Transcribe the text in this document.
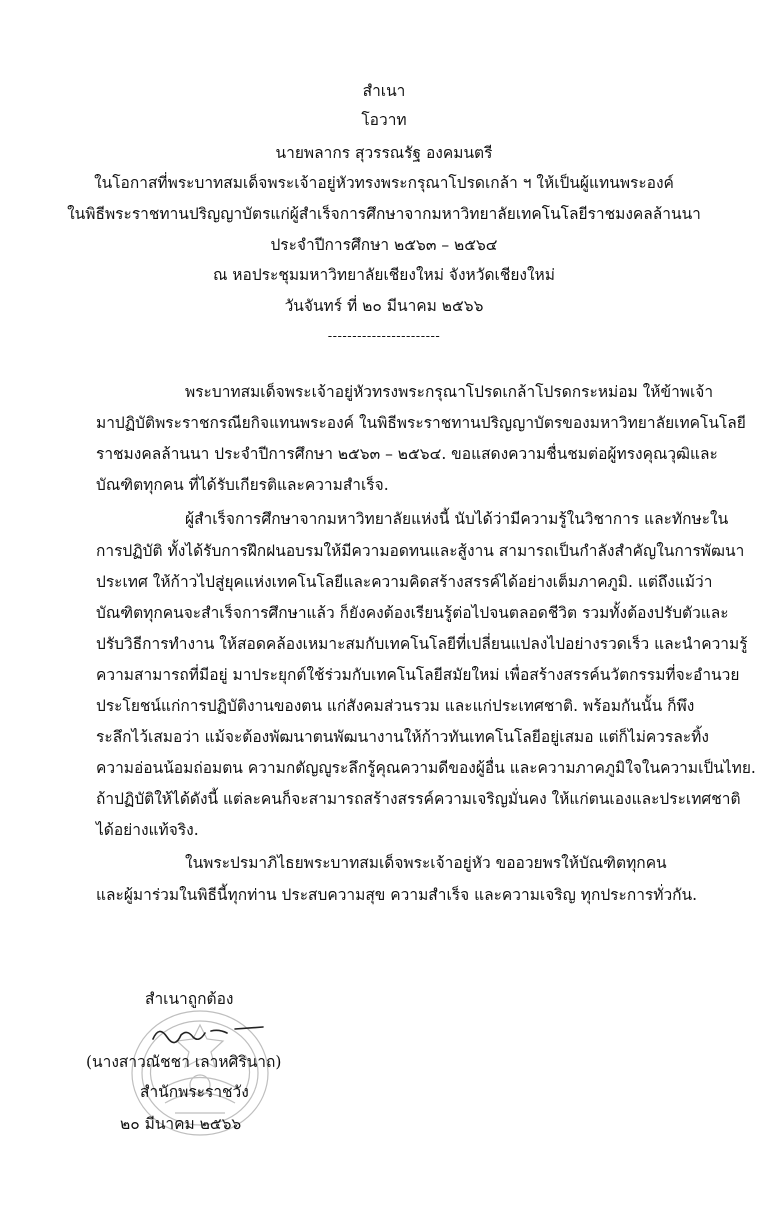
สำเนา
โอวาท
นายพลากร สุวรรณรัฐ องคมนตรี
ในโอกาสที่พระบาทสมเด็จพระเจ้าอยู่หัวทรงพระกรุณาโปรดเกล้า ฯ ให้เป็นผู้แทนพระองค์
ในพิธีพระราชทานปริญญาบัตรแก่ผู้สำเร็จการศึกษาจากมหาวิทยาลัยเทคโนโลยีราชมงคลล้านนา
ประจำปีการศึกษา ๒๕๖๓ – ๒๕๖๔
ณ หอประชุมมหาวิทยาลัยเชียงใหม่ จังหวัดเชียงใหม่
วันจันทร์ ที่ ๒๐ มีนาคม ๒๕๖๖
-----------------------
พระบาทสมเด็จพระเจ้าอยู่หัวทรงพระกรุณาโปรดเกล้าโปรดกระหม่อม ให้ข้าพเจ้า
มาปฏิบัติพระราชกรณียกิจแทนพระองค์ ในพิธีพระราชทานปริญญาบัตรของมหาวิทยาลัยเทคโนโลยี
ราชมงคลล้านนา ประจำปีการศึกษา ๒๕๖๓ – ๒๕๖๔. ขอแสดงความชื่นชมต่อผู้ทรงคุณวุฒิและ
บัณฑิตทุกคน ที่ได้รับเกียรติและความสำเร็จ.
ผู้สำเร็จการศึกษาจากมหาวิทยาลัยแห่งนี้ นับได้ว่ามีความรู้ในวิชาการ และทักษะใน
การปฏิบัติ ทั้งได้รับการฝึกฝนอบรมให้มีความอดทนและสู้งาน สามารถเป็นกำลังสำคัญในการพัฒนา
ประเทศ ให้ก้าวไปสู่ยุคแห่งเทคโนโลยีและความคิดสร้างสรรค์ได้อย่างเต็มภาคภูมิ. แต่ถึงแม้ว่า
บัณฑิตทุกคนจะสำเร็จการศึกษาแล้ว ก็ยังคงต้องเรียนรู้ต่อไปจนตลอดชีวิต รวมทั้งต้องปรับตัวและ
ปรับวิธีการทำงาน ให้สอดคล้องเหมาะสมกับเทคโนโลยีที่เปลี่ยนแปลงไปอย่างรวดเร็ว และนำความรู้
ความสามารถที่มีอยู่ มาประยุกต์ใช้ร่วมกับเทคโนโลยีสมัยใหม่ เพื่อสร้างสรรค์นวัตกรรมที่จะอำนวย
ประโยชน์แก่การปฏิบัติงานของตน แก่สังคมส่วนรวม และแก่ประเทศชาติ. พร้อมกันนั้น ก็พึง
ระลึกไว้เสมอว่า แม้จะต้องพัฒนาตนพัฒนางานให้ก้าวทันเทคโนโลยีอยู่เสมอ แต่ก็ไม่ควรละทิ้ง
ความอ่อนน้อมถ่อมตน ความกตัญญูระลึกรู้คุณความดีของผู้อื่น และความภาคภูมิใจในความเป็นไทย.
ถ้าปฏิบัติให้ได้ดังนี้ แต่ละคนก็จะสามารถสร้างสรรค์ความเจริญมั่นคง ให้แก่ตนเองและประเทศชาติ
ได้อย่างแท้จริง.
ในพระปรมาภิไธยพระบาทสมเด็จพระเจ้าอยู่หัว ขออวยพรให้บัณฑิตทุกคน
และผู้มาร่วมในพิธีนี้ทุกท่าน ประสบความสุข ความสำเร็จ และความเจริญ ทุกประการทั่วกัน.
สำเนาถูกต้อง
(นางสาวณัชชา เลาหศิรินาถ)
สำนักพระราชวัง
๒๐ มีนาคม ๒๕๖๖
